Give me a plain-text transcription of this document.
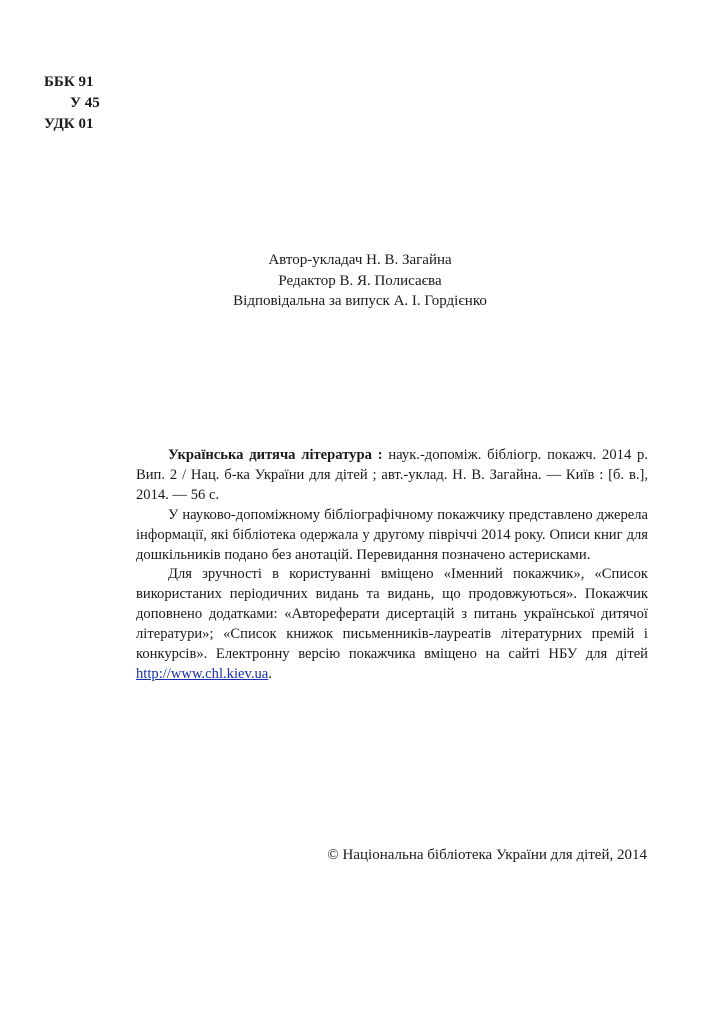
ББК 91
У 45
УДК 01
Автор-укладач Н. В. Загайна
Редактор В. Я. Полисаєва
Відповідальна за випуск А. І. Гордієнко

Українська дитяча література : наук.-допоміж. бібліогр. покажч. 2014 р. Вип. 2 / Нац. б-ка України для дітей ; авт.-уклад. Н. В. Загайна. — Київ : [б. в.], 2014. — 56 с.

У науково-допоміжному бібліографічному покажчику представлено джерела інформації, які бібліотека одержала у другому півріччі 2014 року. Описи книг для дошкільників подано без анотацій. Перевидання позначено астерисками.

Для зручності в користуванні вміщено «Іменний покажчик», «Список використаних періодичних видань та видань, що продовжуються». Покажчик доповнено додатками: «Автореферати дисертацій з питань української дитячої літератури»; «Список книжок письменників-лауреатів літературних премій і конкурсів». Електронну версію покажчика вміщено на сайті НБУ для дітей http://www.chl.kiev.ua.

© Національна бібліотека України для дітей, 2014
